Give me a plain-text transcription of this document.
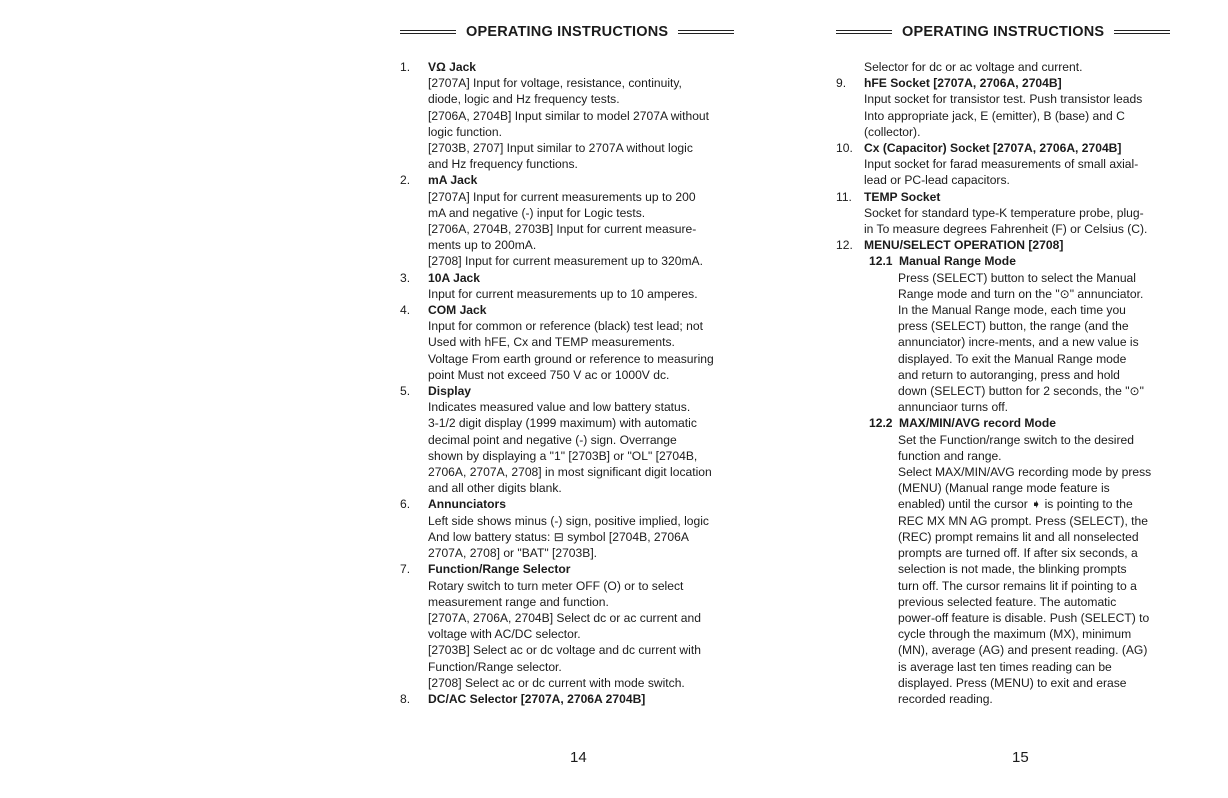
OPERATING INSTRUCTIONS
1. VΩ Jack
[2707A] Input for voltage, resistance, continuity,
diode, logic and Hz frequency tests.
[2706A, 2704B] Input similar to model 2707A without
logic function.
[2703B, 2707] Input similar to 2707A without logic
and Hz frequency functions.
2. mA Jack
[2707A] Input for current measurements up to 200
mA and negative (-) input for Logic tests.
[2706A, 2704B, 2703B] Input for current measure-
ments up to 200mA.
[2708] Input for current measurement up to 320mA.
3. 10A Jack
Input for current measurements up to 10 amperes.
4. COM Jack
Input for common or reference (black) test lead; not
Used with hFE, Cx and TEMP measurements.
Voltage From earth ground or reference to measuring
point Must not exceed 750 V ac or 1000V dc.
5. Display
Indicates measured value and low battery status.
3-1/2 digit display (1999 maximum) with automatic
decimal point and negative (-) sign. Overrange
shown by displaying a "1" [2703B] or "OL" [2704B,
2706A, 2707A, 2708] in most significant digit location
and all other digits blank.
6. Annunciators
Left side shows minus (-) sign, positive implied, logic
And low battery status: ⊟ symbol [2704B, 2706A
2707A, 2708] or "BAT" [2703B].
7. Function/Range Selector
Rotary switch to turn meter OFF (O) or to select
measurement range and function.
[2707A, 2706A, 2704B] Select dc or ac current and
voltage with AC/DC selector.
[2703B] Select ac or dc voltage and dc current with
Function/Range selector.
[2708] Select ac or dc current with mode switch.
8. DC/AC Selector [2707A, 2706A 2704B]
14
OPERATING INSTRUCTIONS
Selector for dc or ac voltage and current.
9. hFE Socket [2707A, 2706A, 2704B]
Input socket for transistor test. Push transistor leads
Into appropriate jack, E (emitter), B (base) and C
(collector).
10. Cx (Capacitor) Socket [2707A, 2706A, 2704B]
Input socket for farad measurements of small axial-
lead or PC-lead capacitors.
11. TEMP Socket
Socket for standard type-K temperature probe, plug-
in To measure degrees Fahrenheit (F) or Celsius (C).
12. MENU/SELECT OPERATION [2708]
12.1 Manual Range Mode
Press (SELECT) button to select the Manual
Range mode and turn on the "⊙" annunciator.
In the Manual Range mode, each time you
press (SELECT) button, the range (and the
annunciator) incre-ments, and a new value is
displayed. To exit the Manual Range mode
and return to autoranging, press and hold
down (SELECT) button for 2 seconds, the "⊙"
annunciaor turns off.
12.2 MAX/MIN/AVG record Mode
Set the Function/range switch to the desired
function and range.
Select MAX/MIN/AVG recording mode by press
(MENU) (Manual range mode feature is
enabled) until the cursor ➧ is pointing to the
REC MX MN AG prompt. Press (SELECT), the
(REC) prompt remains lit and all nonselected
prompts are turned off. If after six seconds, a
selection is not made, the blinking prompts
turn off. The cursor remains lit if pointing to a
previous selected feature. The automatic
power-off feature is disable. Push (SELECT) to
cycle through the maximum (MX), minimum
(MN), average (AG) and present reading. (AG)
is average last ten times reading can be
displayed. Press (MENU) to exit and erase
recorded reading.
15
